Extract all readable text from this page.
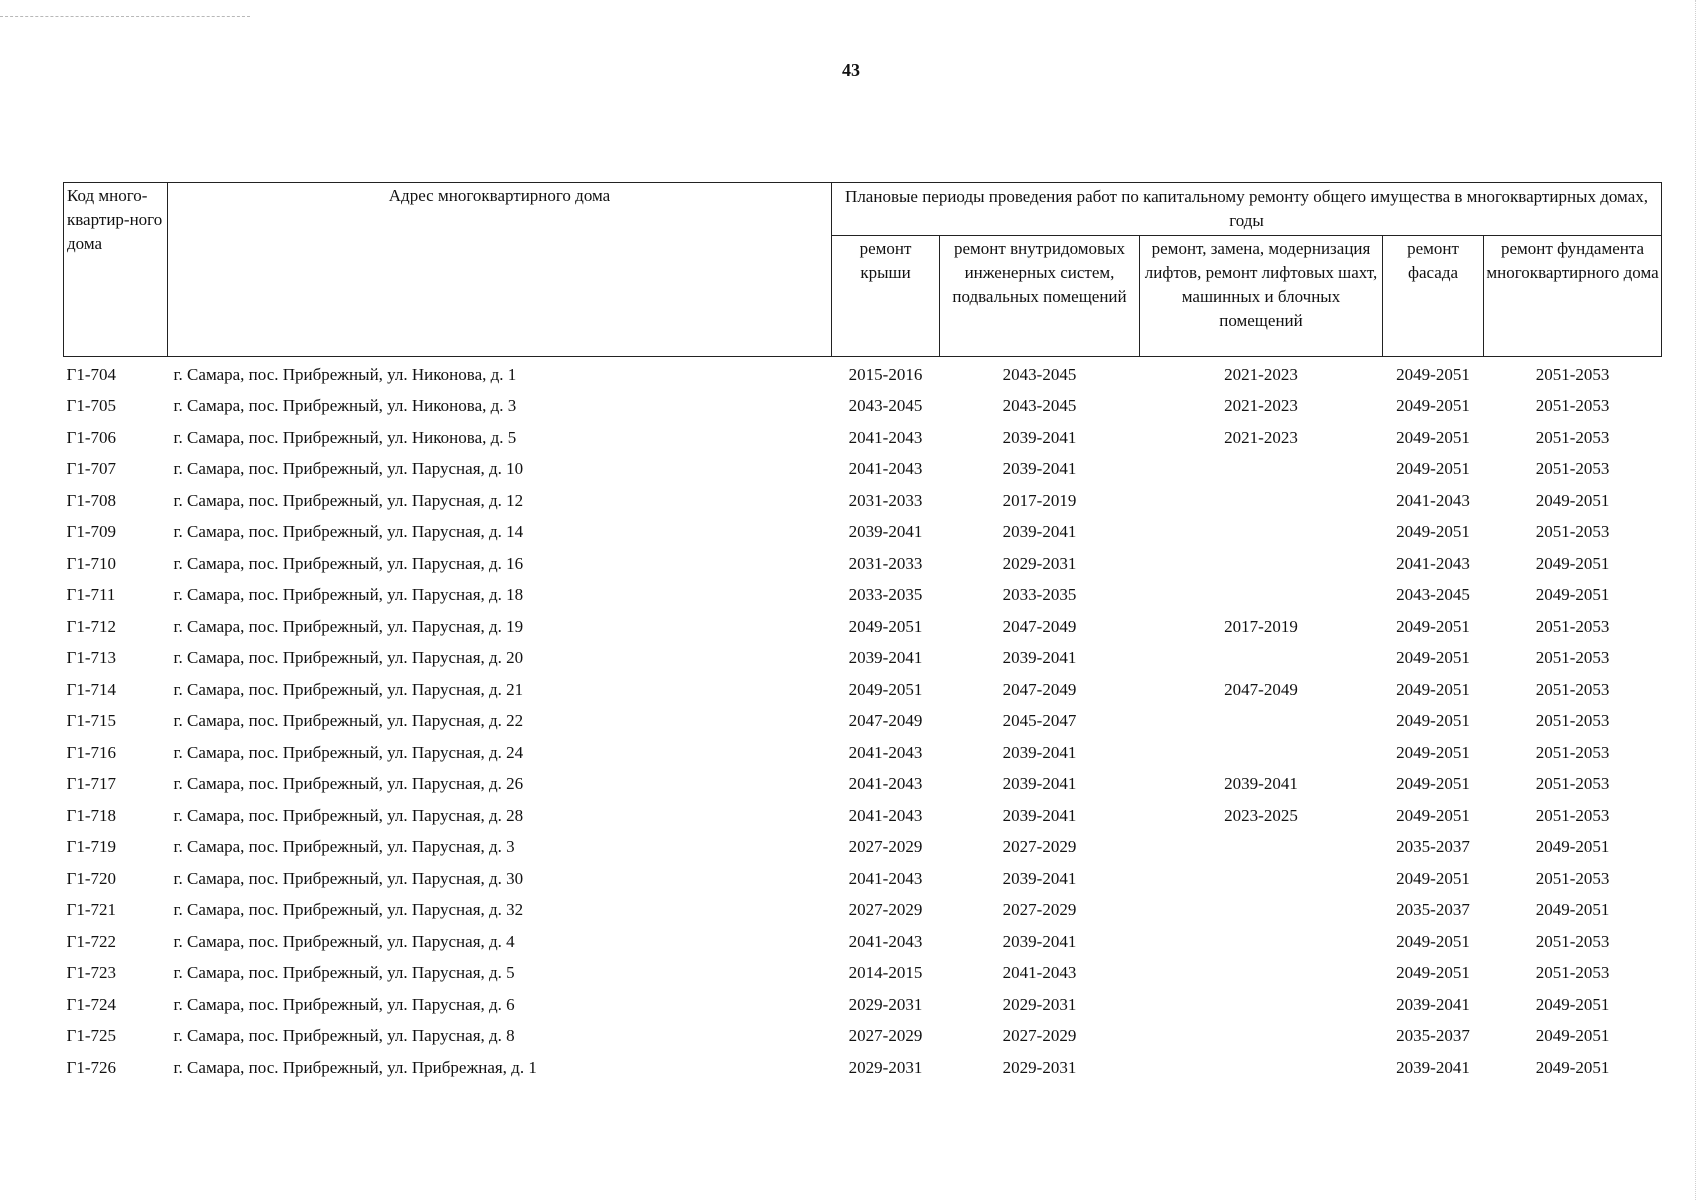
43
Код много-квартир-ного дома	Адрес многоквартирного дома	Плановые периоды проведения работ по капитальному ремонту общего имущества в многоквартирных домах, годы				
		ремонт крыши	ремонт внутридомовых инженерных систем, подвальных помещений	ремонт, замена, модернизация лифтов, ремонт лифтовых шахт, машинных и блочных помещений	ремонт фасада	ремонт фундамента многоквартирного дома
Г1-704	г. Самара, пос. Прибрежный, ул. Никонова, д. 1	2015-2016	2043-2045	2021-2023	2049-2051	2051-2053
Г1-705	г. Самара, пос. Прибрежный, ул. Никонова, д. 3	2043-2045	2043-2045	2021-2023	2049-2051	2051-2053
Г1-706	г. Самара, пос. Прибрежный, ул. Никонова, д. 5	2041-2043	2039-2041	2021-2023	2049-2051	2051-2053
Г1-707	г. Самара, пос. Прибрежный, ул. Парусная, д. 10	2041-2043	2039-2041		2049-2051	2051-2053
Г1-708	г. Самара, пос. Прибрежный, ул. Парусная, д. 12	2031-2033	2017-2019		2041-2043	2049-2051
Г1-709	г. Самара, пос. Прибрежный, ул. Парусная, д. 14	2039-2041	2039-2041		2049-2051	2051-2053
Г1-710	г. Самара, пос. Прибрежный, ул. Парусная, д. 16	2031-2033	2029-2031		2041-2043	2049-2051
Г1-711	г. Самара, пос. Прибрежный, ул. Парусная, д. 18	2033-2035	2033-2035		2043-2045	2049-2051
Г1-712	г. Самара, пос. Прибрежный, ул. Парусная, д. 19	2049-2051	2047-2049	2017-2019	2049-2051	2051-2053
Г1-713	г. Самара, пос. Прибрежный, ул. Парусная, д. 20	2039-2041	2039-2041		2049-2051	2051-2053
Г1-714	г. Самара, пос. Прибрежный, ул. Парусная, д. 21	2049-2051	2047-2049	2047-2049	2049-2051	2051-2053
Г1-715	г. Самара, пос. Прибрежный, ул. Парусная, д. 22	2047-2049	2045-2047		2049-2051	2051-2053
Г1-716	г. Самара, пос. Прибрежный, ул. Парусная, д. 24	2041-2043	2039-2041		2049-2051	2051-2053
Г1-717	г. Самара, пос. Прибрежный, ул. Парусная, д. 26	2041-2043	2039-2041	2039-2041	2049-2051	2051-2053
Г1-718	г. Самара, пос. Прибрежный, ул. Парусная, д. 28	2041-2043	2039-2041	2023-2025	2049-2051	2051-2053
Г1-719	г. Самара, пос. Прибрежный, ул. Парусная, д. 3	2027-2029	2027-2029		2035-2037	2049-2051
Г1-720	г. Самара, пос. Прибрежный, ул. Парусная, д. 30	2041-2043	2039-2041		2049-2051	2051-2053
Г1-721	г. Самара, пос. Прибрежный, ул. Парусная, д. 32	2027-2029	2027-2029		2035-2037	2049-2051
Г1-722	г. Самара, пос. Прибрежный, ул. Парусная, д. 4	2041-2043	2039-2041		2049-2051	2051-2053
Г1-723	г. Самара, пос. Прибрежный, ул. Парусная, д. 5	2014-2015	2041-2043		2049-2051	2051-2053
Г1-724	г. Самара, пос. Прибрежный, ул. Парусная, д. 6	2029-2031	2029-2031		2039-2041	2049-2051
Г1-725	г. Самара, пос. Прибрежный, ул. Парусная, д. 8	2027-2029	2027-2029		2035-2037	2049-2051
Г1-726	г. Самара, пос. Прибрежный, ул. Прибрежная, д. 1	2029-2031	2029-2031		2039-2041	2049-2051
